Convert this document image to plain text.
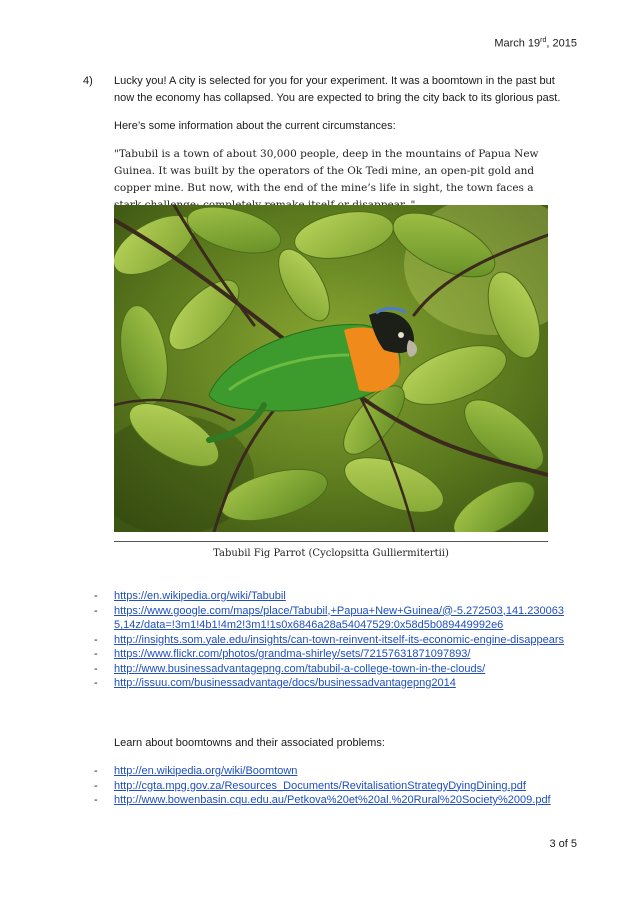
March 19rd, 2015
4) Lucky you! A city is selected for you for your experiment. It was a boomtown in the past but now the economy has collapsed. You are expected to bring the city back to its glorious past.
Here’s some information about the current circumstances:
"Tabubil is a town of about 30,000 people, deep in the mountains of Papua New Guinea. It was built by the operators of the Ok Tedi mine, an open-pit gold and copper mine. But now, with the end of the mine’s life in sight, the town faces a
Tabubil Fig Parrot (Cyclopsitta Gulliermitertii)
- https://en.wikipedia.org/wiki/Tabubil
- https://www.google.com/maps/place/Tabubil,+Papua+New+Guinea/@-5.272503,141.2300635,14z/data=!3m1!4b1!4m2!3m1!1s0x6846a28a54047529:0x58d5b089449992e6
- http://insights.som.yale.edu/insights/can-town-reinvent-itself-its-economic-engine-disappears
- https://www.flickr.com/photos/grandma-shirley/sets/72157631871097893/
- http://www.businessadvantagepng.com/tabubil-a-college-town-in-the-clouds/
- http://issuu.com/businessadvantage/docs/businessadvantagepng2014
Learn about boomtowns and their associated problems:
- http://en.wikipedia.org/wiki/Boomtown
- http://cgta.mpg.gov.za/Resources_Documents/RevitalisationStrategyDyingDining.pdf
- http://www.bowenbasin.cqu.edu.au/Petkova%20et%20al.%20Rural%20Society%2009.pdf
3 of 5
